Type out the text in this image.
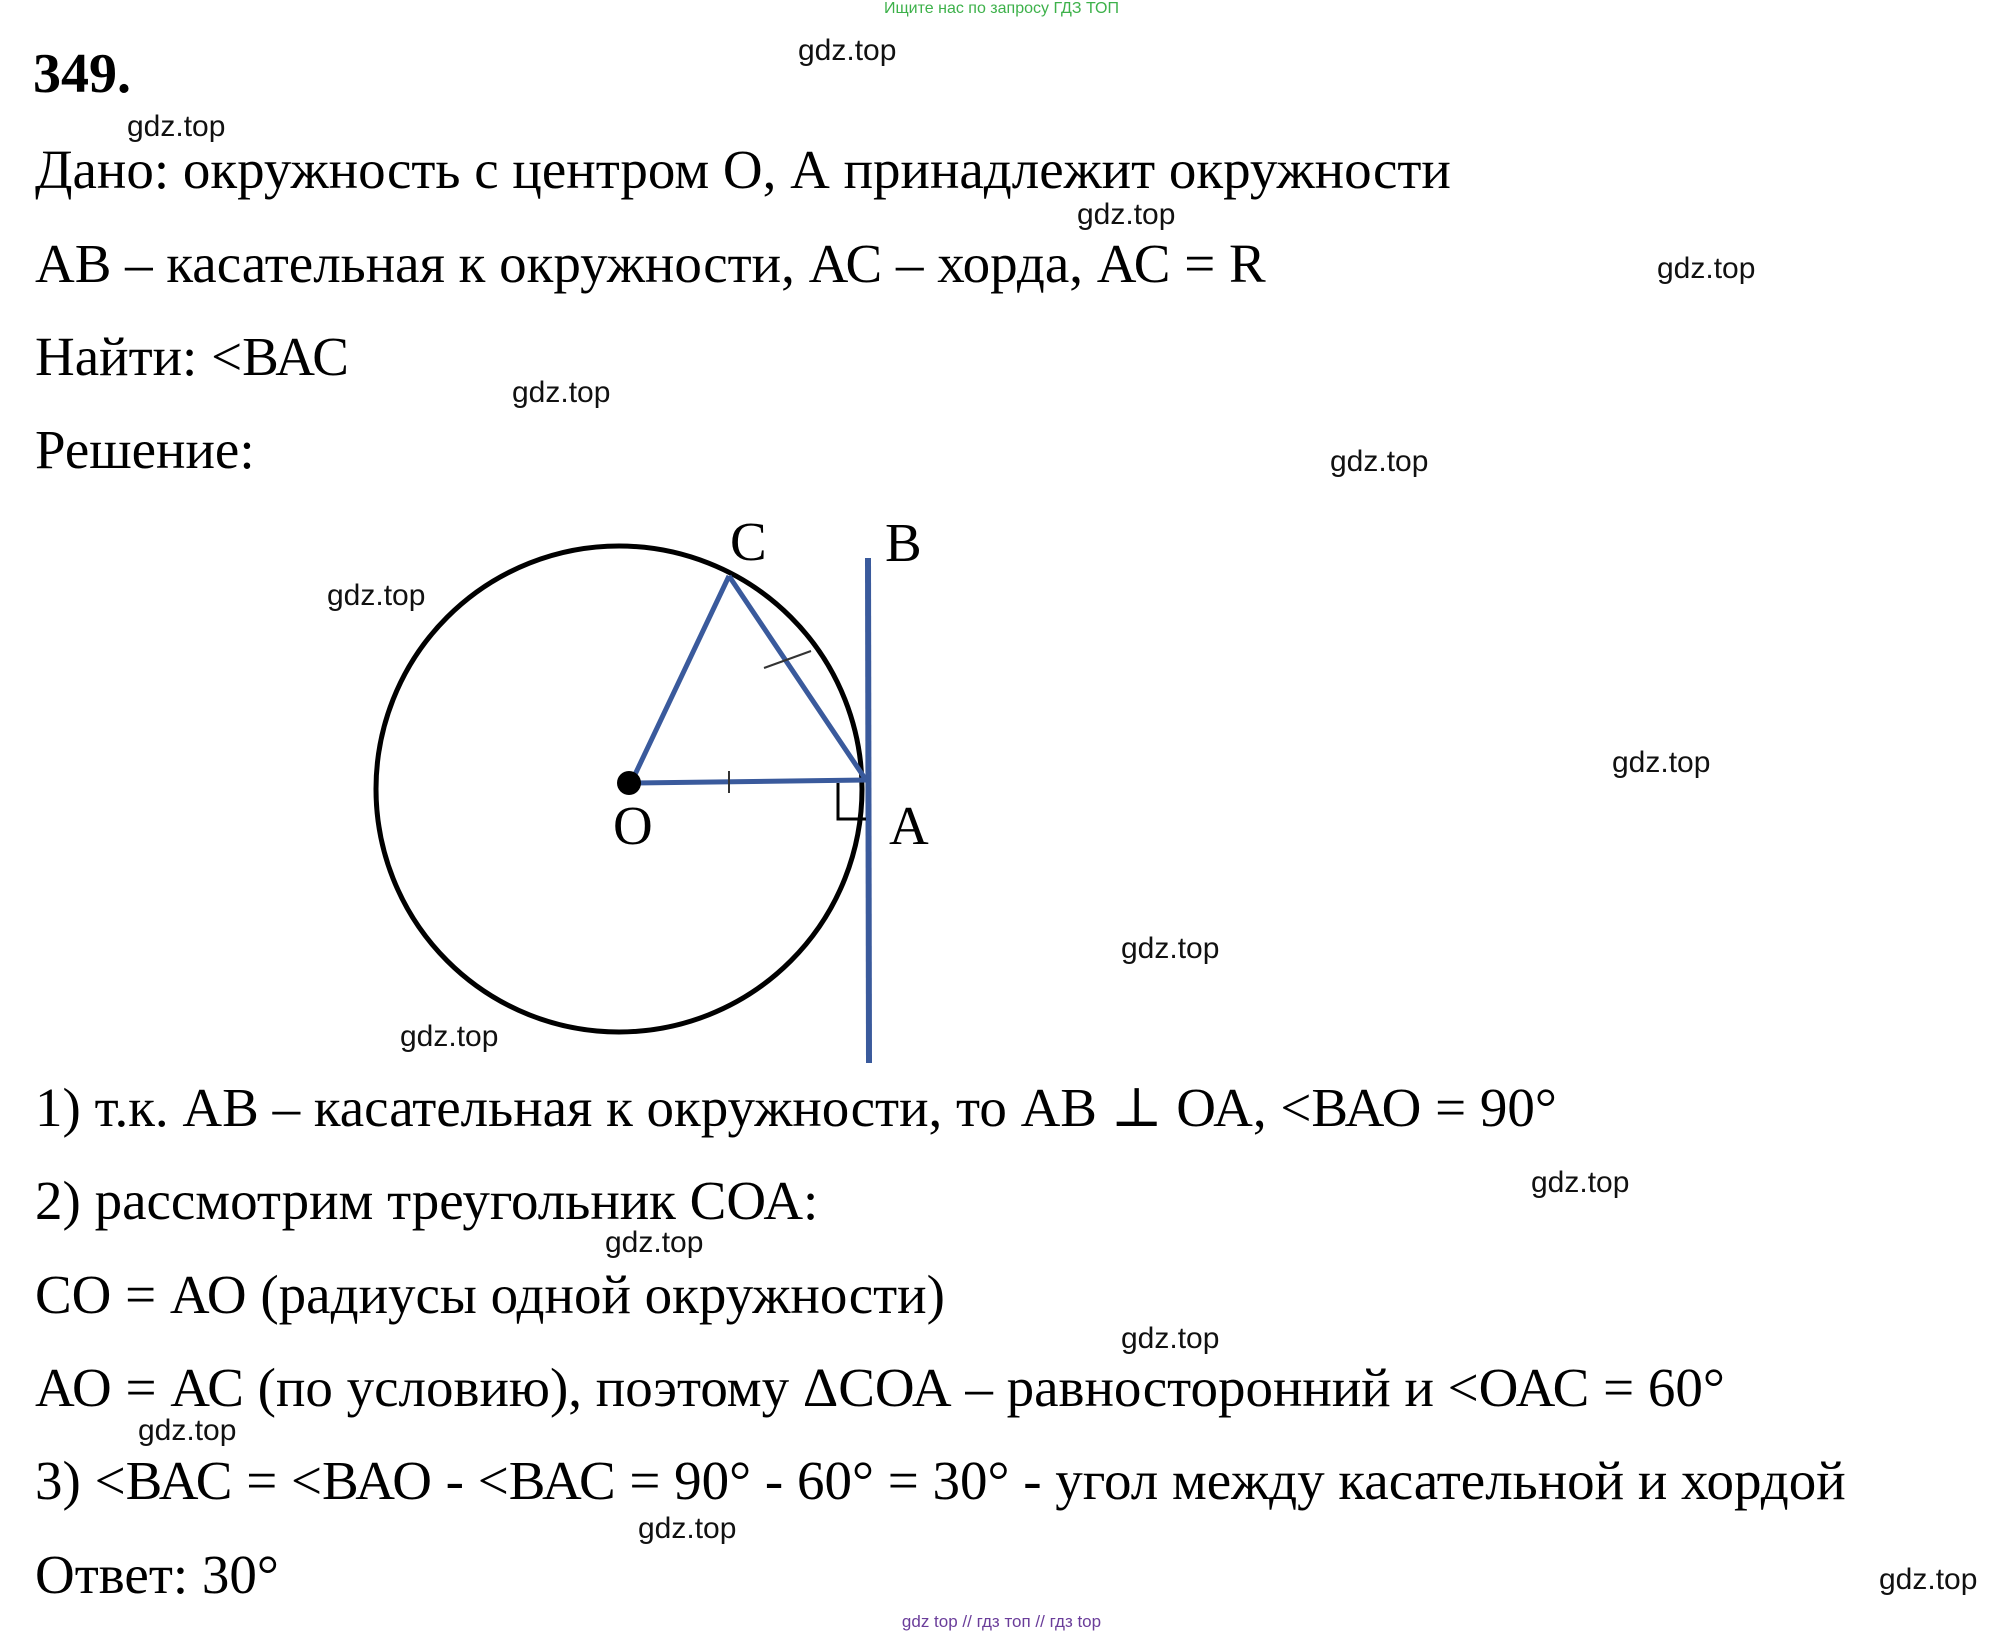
Ищите нас по запросу ГДЗ ТОП
349.
Дано: окружность с центром О, А принадлежит окружности
АВ – касательная к окружности, АС – хорда, АС = R
Найти: <ВАС
Решение:
C B
O	A
1) т.к. АВ – касательная к окружности, то АВ ⊥ ОА, <ВАО = 90°
2) рассмотрим треугольник СОА:
СО = АО (радиусы одной окружности)
АО = АС (по условию), поэтому ΔСОА – равносторонний и <ОАС = 60°
3) <ВАС = <ВАО - <ВАС = 90° - 60° = 30° - угол между касательной и хордой
Ответ: 30°
gdz.top
gdz.top
gdz.top
gdz.top
gdz.top
gdz.top
gdz.top
gdz.top
gdz.top
gdz.top
gdz.top
gdz.top
gdz.top
gdz.top
gdz.top
gdz.top
gdz top // гдз топ // гдз top
